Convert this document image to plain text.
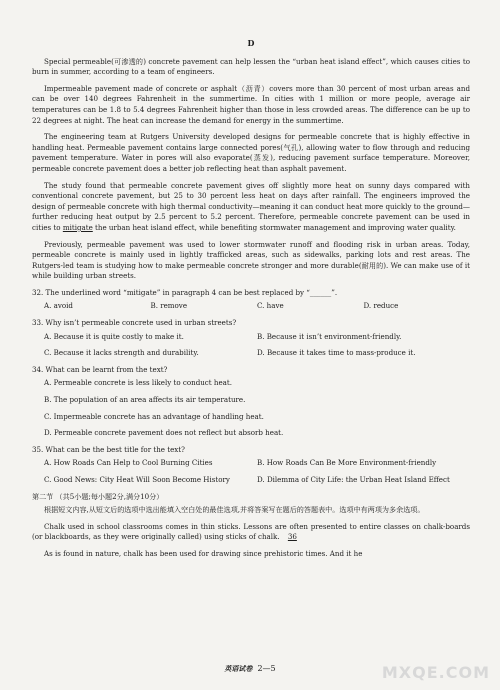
D

Special permeable(可渗透的) concrete pavement can help lessen the “urban heat island effect”, which causes cities to burn in summer, according to a team of engineers.

Impermeable pavement made of concrete or asphalt（沥青）covers more than 30 percent of most urban areas and can be over 140 degrees Fahrenheit in the summertime. In cities with 1 million or more people, average air temperatures can be 1.8 to 5.4 degrees Fahrenheit higher than those in less crowded areas. The difference can be up to 22 degrees at night. The heat can increase the demand for energy in the summertime.

The engineering team at Rutgers University developed designs for permeable concrete that is highly effective in handling heat. Permeable pavement contains large connected pores(气孔), allowing water to flow through and reducing pavement temperature. Water in pores will also evaporate(蒸发), reducing pavement surface temperature. Moreover, permeable concrete pavement does a better job reflecting heat than asphalt pavement.

The study found that permeable concrete pavement gives off slightly more heat on sunny days compared with conventional concrete pavement, but 25 to 30 percent less heat on days after rainfall. The engineers improved the design of permeable concrete with high thermal conductivity—meaning it can conduct heat more quickly to the ground—further reducing heat output by 2.5 percent to 5.2 percent. Therefore, permeable concrete pavement can be used in cities to mitigate the urban heat island effect, while benefiting stormwater management and improving water quality.

Previously, permeable pavement was used to lower stormwater runoff and flooding risk in urban areas. Today, permeable concrete is mainly used in lightly trafficked areas, such as sidewalks, parking lots and rest areas. The Rutgers-led team is studying how to make permeable concrete stronger and more durable(耐用的). We can make use of it while building urban streets.

32. The underlined word “mitigate” in paragraph 4 can be best replaced by “______”.
A. avoid	B. remove	C. have	D. reduce
33. Why isn’t permeable concrete used in urban streets?
A. Because it is quite costly to make it.	B. Because it isn’t environment-friendly.
C. Because it lacks strength and durability.	D. Because it takes time to mass-produce it.
34. What can be learnt from the text?
A. Permeable concrete is less likely to conduct heat.
B. The population of an area affects its air temperature.
C. Impermeable concrete has an advantage of handling heat.
D. Permeable concrete pavement does not reflect but absorb heat.
35. What can be the best title for the text?
A. How Roads Can Help to Cool Burning Cities	B. How Roads Can Be More Environment-friendly
C. Good News: City Heat Will Soon Become History	D. Dilemma of City Life: the Urban Heat Island Effect
第二节 （共5小题;每小题2分,满分10分）
根据短文内容,从短文后的选项中选出能填入空白处的最佳选项,并将答案写在题后的答题表中。选项中有两项为多余选项。

Chalk used in school classrooms comes in thin sticks. Lessons are often presented to entire classes on chalk-boards (or blackboards, as they were originally called) using sticks of chalk. 36

As is found in nature, chalk has been used for drawing since prehistoric times. And it he

英语试卷 2—5	MXQE.COM
